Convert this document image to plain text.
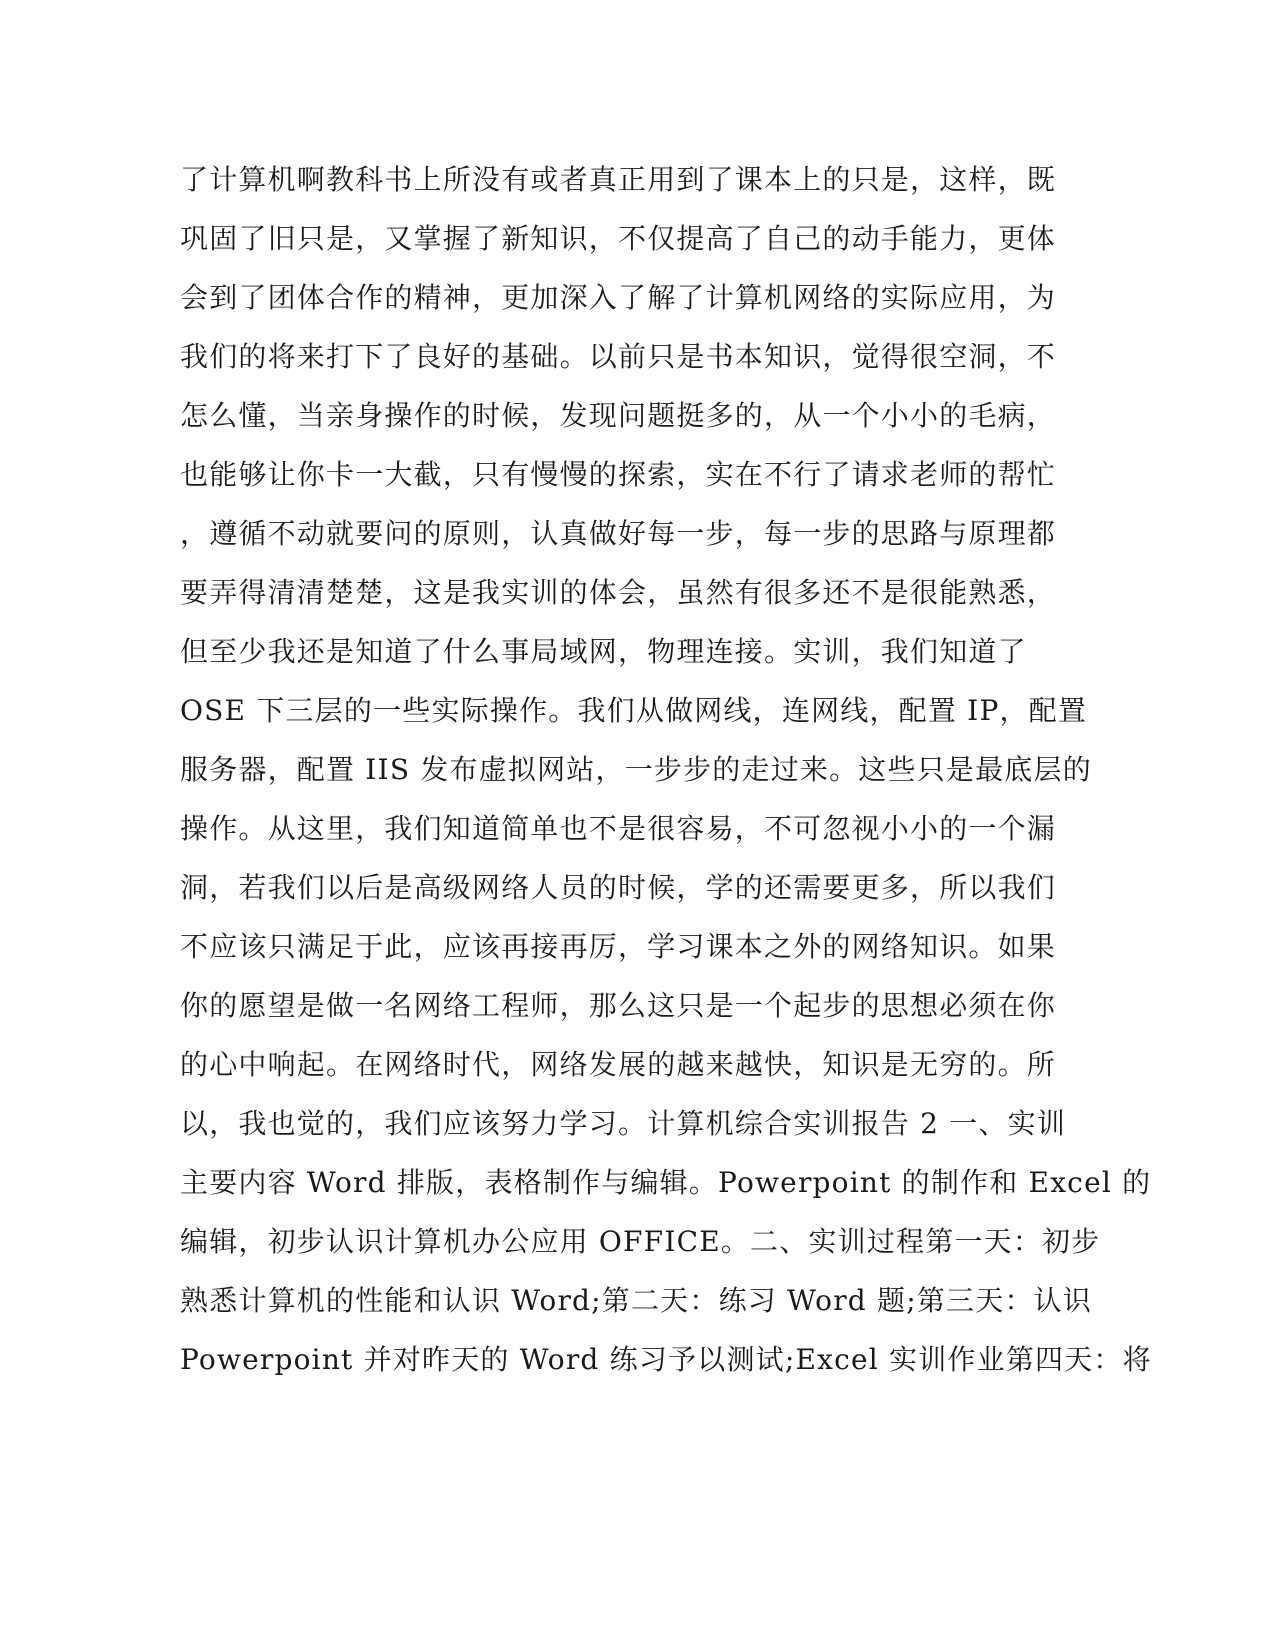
了计算机啊教科书上所没有或者真正用到了课本上的只是，这样，既
巩固了旧只是，又掌握了新知识，不仅提高了自己的动手能力，更体
会到了团体合作的精神，更加深入了解了计算机网络的实际应用，为
我们的将来打下了良好的基础。以前只是书本知识，觉得很空洞，不
怎么懂，当亲身操作的时候，发现问题挺多的，从一个小小的毛病，
也能够让你卡一大截，只有慢慢的探索，实在不行了请求老师的帮忙
，遵循不动就要问的原则，认真做好每一步，每一步的思路与原理都
要弄得清清楚楚，这是我实训的体会，虽然有很多还不是很能熟悉，
但至少我还是知道了什么事局域网，物理连接。实训，我们知道了
OSE 下三层的一些实际操作。我们从做网线，连网线，配置 IP，配置
服务器，配置 IIS 发布虚拟网站，一步步的走过来。这些只是最底层的
操作。从这里，我们知道简单也不是很容易，不可忽视小小的一个漏
洞，若我们以后是高级网络人员的时候，学的还需要更多，所以我们
不应该只满足于此，应该再接再厉，学习课本之外的网络知识。如果
你的愿望是做一名网络工程师，那么这只是一个起步的思想必须在你
的心中响起。在网络时代，网络发展的越来越快，知识是无穷的。所
以，我也觉的，我们应该努力学习。计算机综合实训报告 2 一、实训
主要内容 Word 排版，表格制作与编辑。Powerpoint 的制作和 Excel 的
编辑，初步认识计算机办公应用 OFFICE。二、实训过程第一天：初步
熟悉计算机的性能和认识 Word;第二天：练习 Word 题;第三天：认识
Powerpoint 并对昨天的 Word 练习予以测试;Excel 实训作业第四天：将
